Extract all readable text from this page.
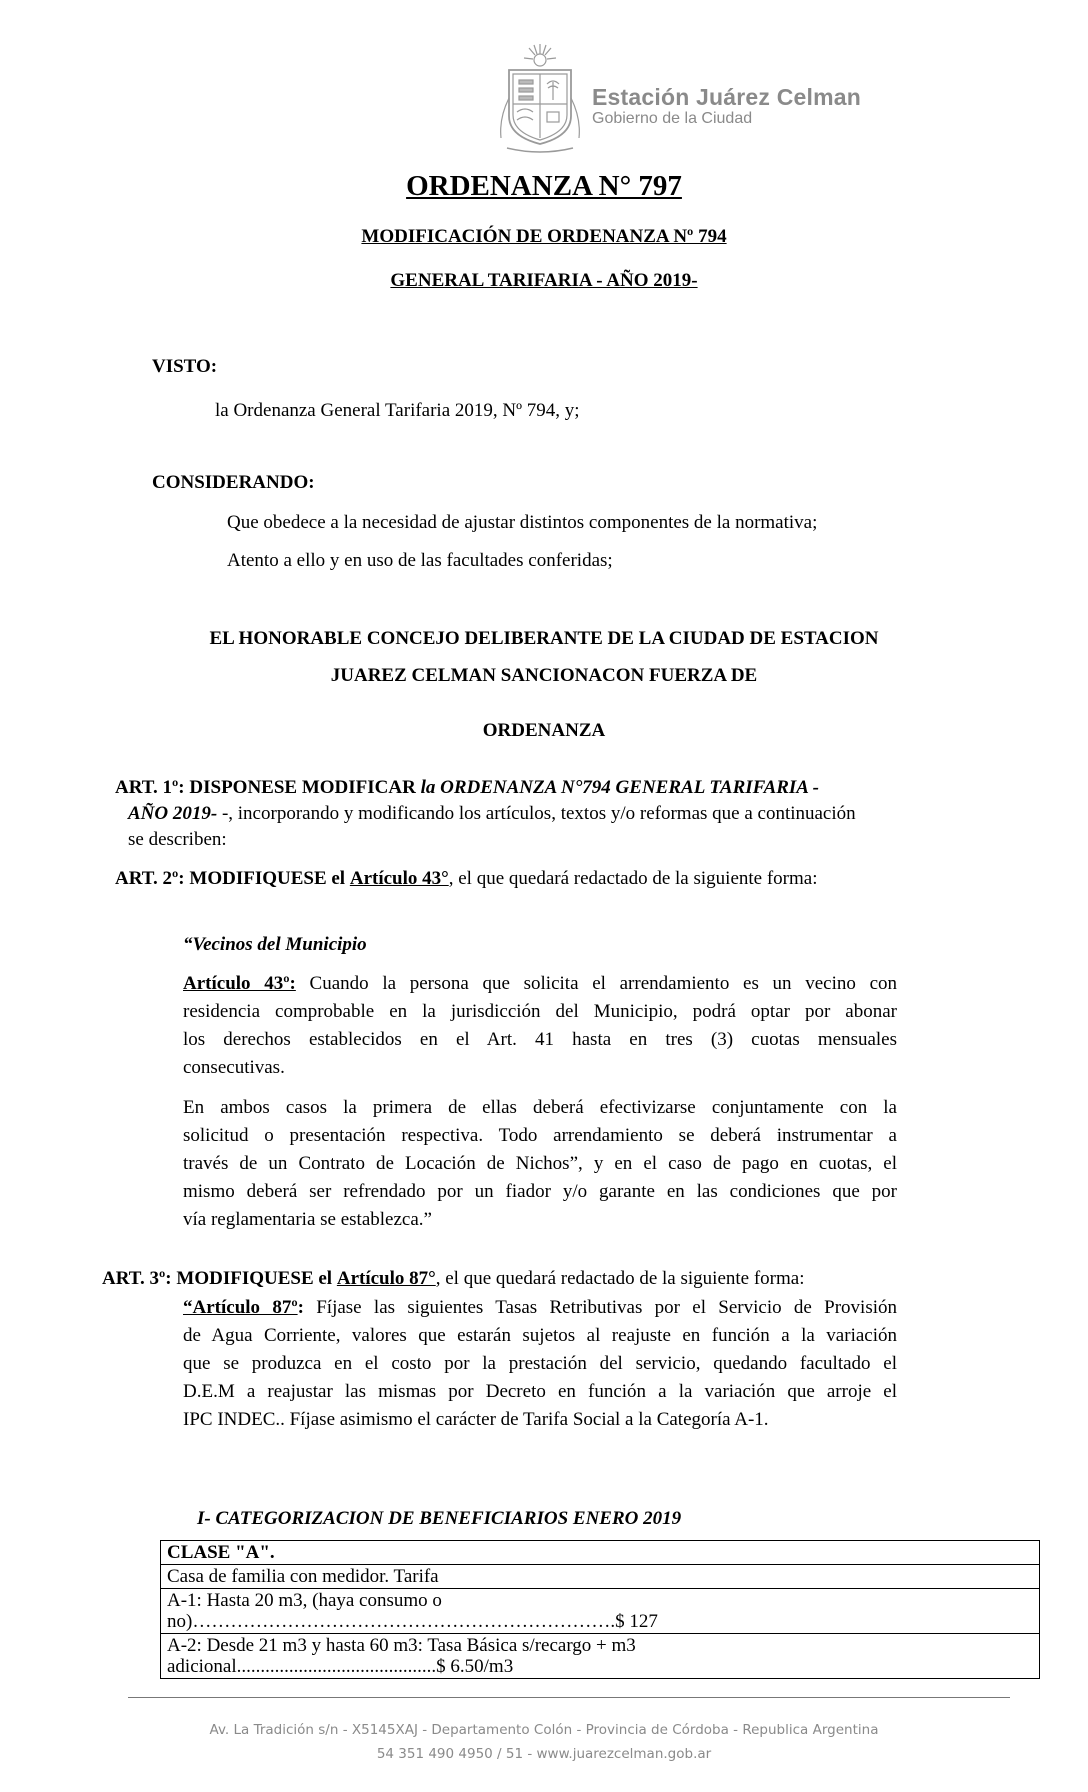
Estación Juárez Celman
Gobierno de la Ciudad
ORDENANZA N° 797
MODIFICACIÓN DE ORDENANZA Nº 794
GENERAL TARIFARIA - AÑO 2019-
VISTO:
la Ordenanza General Tarifaria 2019, Nº 794, y;
CONSIDERANDO:
Que obedece a la necesidad de ajustar distintos componentes de la normativa;
Atento a ello y en uso de las facultades conferidas;
EL HONORABLE CONCEJO DELIBERANTE DE LA CIUDAD DE ESTACION
JUAREZ CELMAN SANCIONACON FUERZA DE
ORDENANZA
ART. 1º: DISPONESE MODIFICAR la ORDENANZA N°794 GENERAL TARIFARIA -
AÑO 2019- -, incorporando y modificando los artículos, textos y/o reformas que a continuación
se describen:
ART. 2º: MODIFIQUESE el Artículo 43°, el que quedará redactado de la siguiente forma:
“Vecinos del Municipio
Artículo 43º: Cuando la persona que solicita el arrendamiento es un vecino con
residencia comprobable en la jurisdicción del Municipio, podrá optar por abonar
los derechos establecidos en el Art. 41 hasta en tres (3) cuotas mensuales
consecutivas.
En ambos casos la primera de ellas deberá efectivizarse conjuntamente con la
solicitud o presentación respectiva. Todo arrendamiento se deberá instrumentar a
través de un Contrato de Locación de Nichos”, y en el caso de pago en cuotas, el
mismo deberá ser refrendado por un fiador y/o garante en las condiciones que por
vía reglamentaria se establezca.”
ART. 3º: MODIFIQUESE el Artículo 87°, el que quedará redactado de la siguiente forma:
“Artículo 87º: Fíjase las siguientes Tasas Retributivas por el Servicio de Provisión
de Agua Corriente, valores que estarán sujetos al reajuste en función a la variación
que se produzca en el costo por la prestación del servicio, quedando facultado el
D.E.M a reajustar las mismas por Decreto en función a la variación que arroje el
IPC INDEC.. Fíjase asimismo el carácter de Tarifa Social a la Categoría A-1.
I- CATEGORIZACION DE BENEFICIARIOS ENERO 2019
CLASE "A".
Casa de familia con medidor. Tarifa

A-1: Hasta 20 m3, (haya consumo o
no)………………………………………………………….$ 127

A-2: Desde 21 m3 y hasta 60 m3: Tasa Básica s/recargo + m3
adicional..........................................$ 6.50/m3
Av. La Tradición s/n - X5145XAJ - Departamento Colón - Provincia de Córdoba - Republica Argentina
54 351 490 4950 / 51 - www.juarezcelman.gob.ar
